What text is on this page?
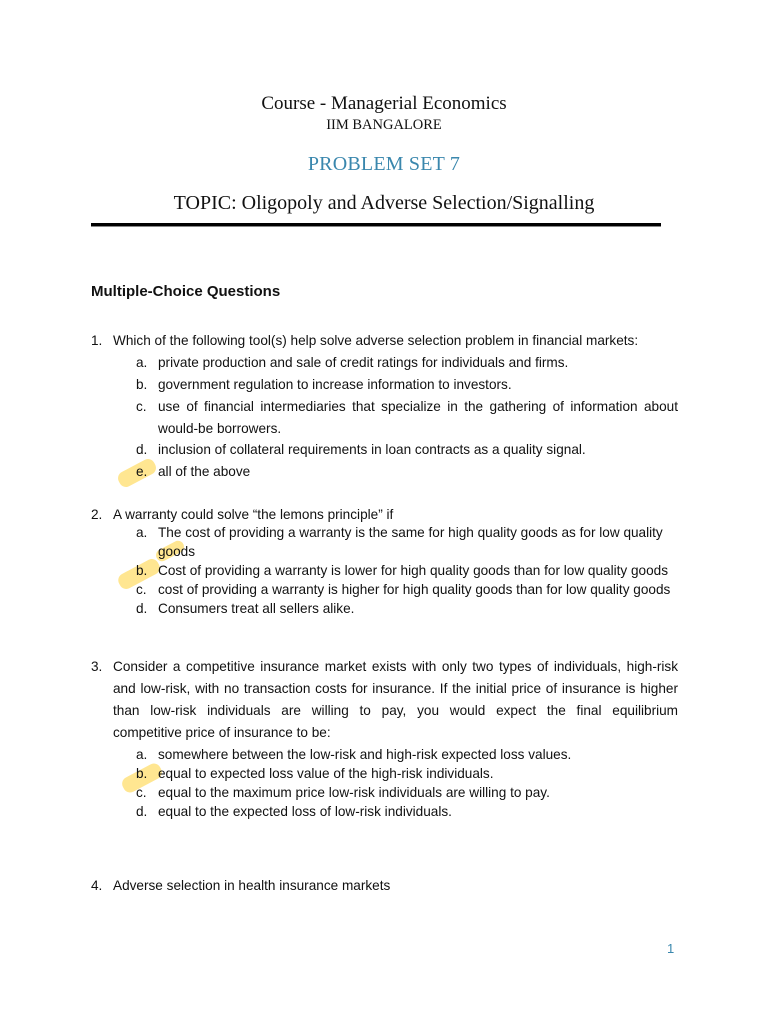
Course - Managerial Economics
IIM BANGALORE
PROBLEM SET 7
TOPIC: Oligopoly and Adverse Selection/Signalling
Multiple-Choice Questions
1. Which of the following tool(s) help solve adverse selection problem in financial markets:
a. private production and sale of credit ratings for individuals and firms.
b. government regulation to increase information to investors.
c. use of financial intermediaries that specialize in the gathering of information about
would-be borrowers.
d. inclusion of collateral requirements in loan contracts as a quality signal.
e. all of the above
2. A warranty could solve “the lemons principle” if
a. The cost of providing a warranty is the same for high quality goods as for low quality
goods
b. Cost of providing a warranty is lower for high quality goods than for low quality goods
c. cost of providing a warranty is higher for high quality goods than for low quality goods
d. Consumers treat all sellers alike.
3. Consider a competitive insurance market exists with only two types of individuals, high-risk
and low-risk, with no transaction costs for insurance. If the initial price of insurance is higher
than low-risk individuals are willing to pay, you would expect the final equilibrium
competitive price of insurance to be:
a. somewhere between the low-risk and high-risk expected loss values.
b. equal to expected loss value of the high-risk individuals.
c. equal to the maximum price low-risk individuals are willing to pay.
d. equal to the expected loss of low-risk individuals.
4. Adverse selection in health insurance markets
1
